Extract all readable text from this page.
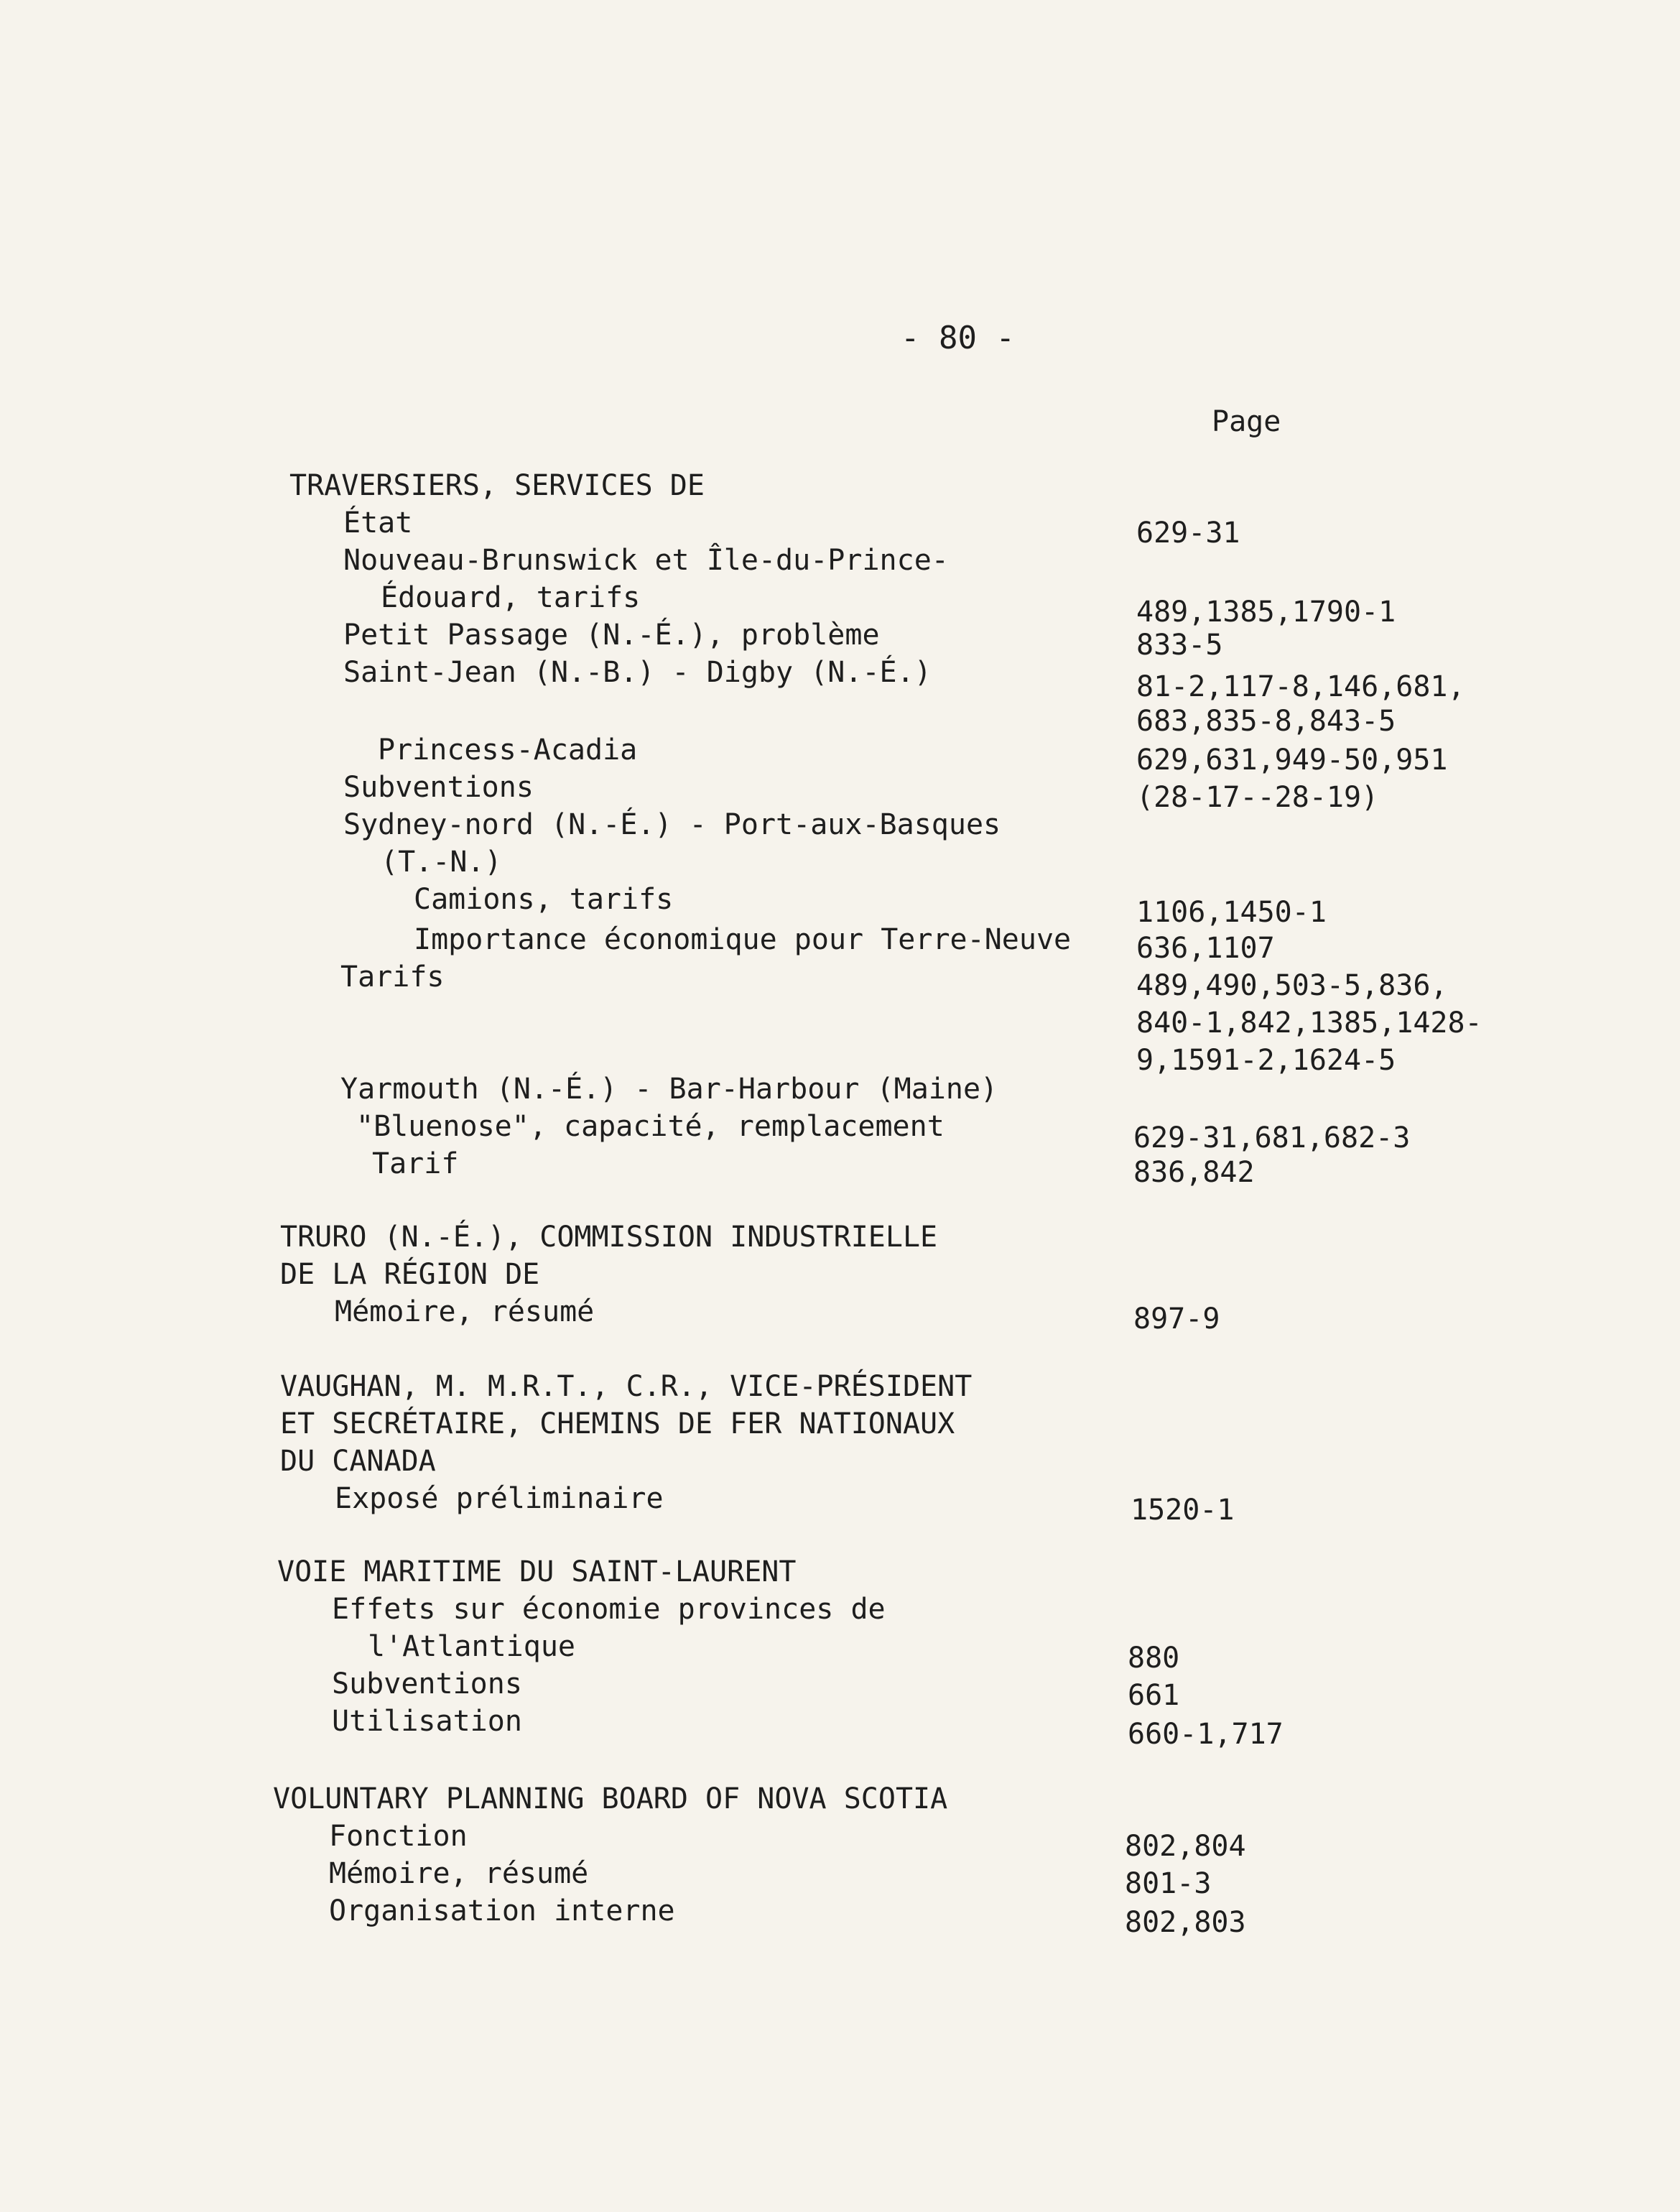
- 80 -
Page
TRAVERSIERS, SERVICES DE
État	629-31
Nouveau-Brunswick et Île-du-Prince-
Édouard, tarifs	489,1385,1790-1
Petit Passage (N.-É.), problème	833-5
Saint-Jean (N.-B.) - Digby (N.-É.)	81-2,117-8,146,681,
683,835-8,843-5
Princess-Acadia	629,631,949-50,951
Subventions	(28-17--28-19)
Sydney-nord (N.-É.) - Port-aux-Basques
(T.-N.)
Camions, tarifs	1106,1450-1
Importance économique pour Terre-Neuve 636,1107
Tarifs	489,490,503-5,836,
840-1,842,1385,1428-
9,1591-2,1624-5
Yarmouth (N.-É.) - Bar-Harbour (Maine)
"Bluenose", capacité, remplacement	629-31,681,682-3
Tarif	836,842
TRURO (N.-É.), COMMISSION INDUSTRIELLE
DE LA RÉGION DE
Mémoire, résumé	897-9
VAUGHAN, M. M.R.T., C.R., VICE-PRÉSIDENT
ET SECRÉTAIRE, CHEMINS DE FER NATIONAUX
DU CANADA
Exposé préliminaire	1520-1
VOIE MARITIME DU SAINT-LAURENT
Effets sur économie provinces de
l'Atlantique	880
Subventions	661
Utilisation	660-1,717
VOLUNTARY PLANNING BOARD OF NOVA SCOTIA
Fonction	802,804
Mémoire, résumé	801-3
Organisation interne	802,803
